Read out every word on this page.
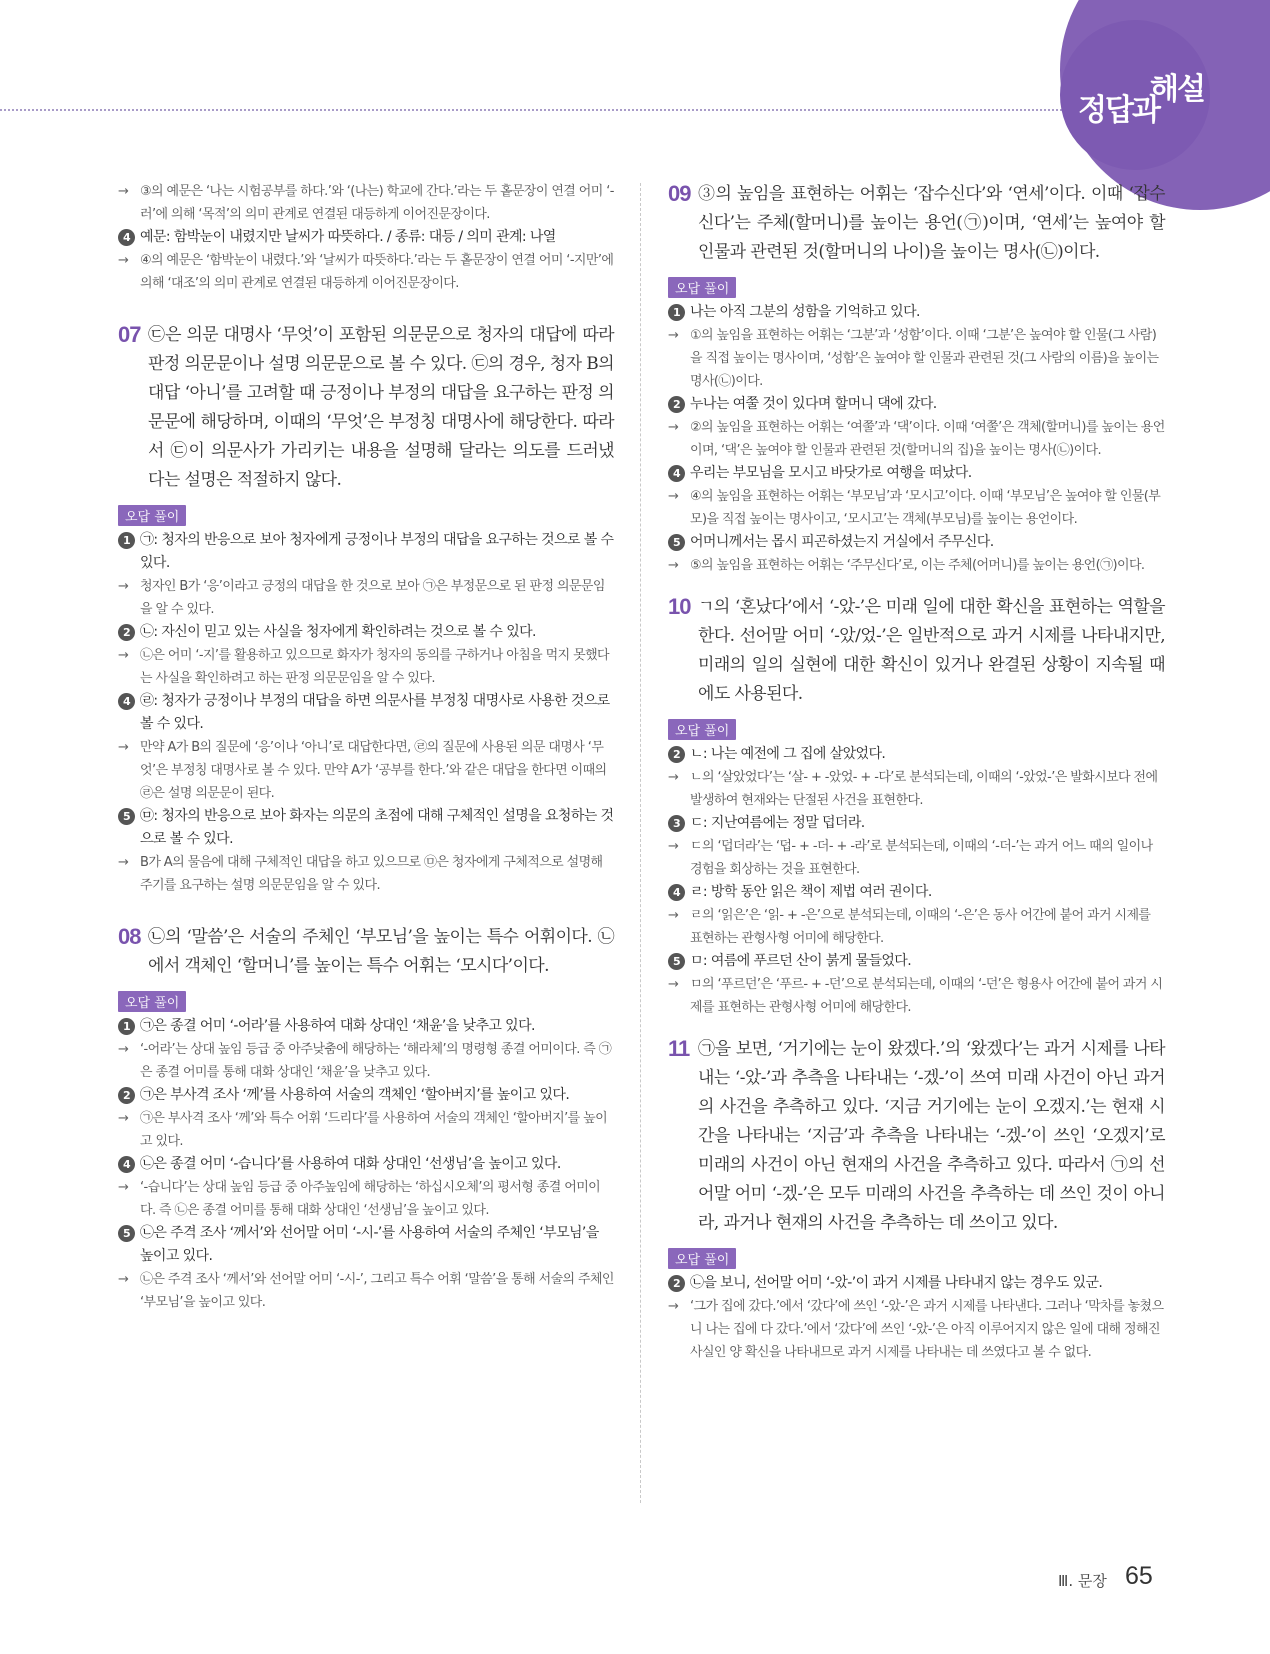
정답과
해설
→ ③의 예문은 ‘나는 시험공부를 하다.’와 ‘(나는) 학교에 간다.’라는 두 홑문장이 연결 어미 ‘-러’에 의해 ‘목적’의 의미 관계로 연결된 대등하게 이어진문장이다.
4 예문: 함박눈이 내렸지만 날씨가 따뜻하다. / 종류: 대등 / 의미 관계: 나열
→ ④의 예문은 ‘함박눈이 내렸다.’와 ‘날씨가 따뜻하다.’라는 두 홑문장이 연결 어미 ‘-지만’에 의해 ‘대조’의 의미 관계로 연결된 대등하게 이어진문장이다.
07 ㉢은 의문 대명사 ‘무엇’이 포함된 의문문으로 청자의 대답에 따라 판정 의문문이나 설명 의문문으로 볼 수 있다. ㉢의 경우, 청자 B의 대답 ‘아니’를 고려할 때 긍정이나 부정의 대답을 요구하는 판정 의문문에 해당하며, 이때의 ‘무엇’은 부정칭 대명사에 해당한다. 따라서 ㉢이 의문사가 가리키는 내용을 설명해 달라는 의도를 드러냈다는 설명은 적절하지 않다.
오답 풀이
1 ㉠: 청자의 반응으로 보아 청자에게 긍정이나 부정의 대답을 요구하는 것으로 볼 수 있다.
→ 청자인 B가 ‘응’이라고 긍정의 대답을 한 것으로 보아 ㉠은 부정문으로 된 판정 의문문임을 알 수 있다.
2 ㉡: 자신이 믿고 있는 사실을 청자에게 확인하려는 것으로 볼 수 있다.
→ ㉡은 어미 ‘-지’를 활용하고 있으므로 화자가 청자의 동의를 구하거나 아침을 먹지 못했다는 사실을 확인하려고 하는 판정 의문문임을 알 수 있다.
4 ㉣: 청자가 긍정이나 부정의 대답을 하면 의문사를 부정칭 대명사로 사용한 것으로 볼 수 있다.
→ 만약 A가 B의 질문에 ‘응’이나 ‘아니’로 대답한다면, ㉣의 질문에 사용된 의문 대명사 ‘무엇’은 부정칭 대명사로 볼 수 있다. 만약 A가 ‘공부를 한다.’와 같은 대답을 한다면 이때의 ㉣은 설명 의문문이 된다.
5 ㉤: 청자의 반응으로 보아 화자는 의문의 초점에 대해 구체적인 설명을 요청하는 것으로 볼 수 있다.
→ B가 A의 물음에 대해 구체적인 대답을 하고 있으므로 ㉤은 청자에게 구체적으로 설명해 주기를 요구하는 설명 의문문임을 알 수 있다.
08 ㉡의 ‘말씀’은 서술의 주체인 ‘부모님’을 높이는 특수 어휘이다. ㉡에서 객체인 ‘할머니’를 높이는 특수 어휘는 ‘모시다’이다.
오답 풀이
1 ㉠은 종결 어미 ‘-어라’를 사용하여 대화 상대인 ‘채윤’을 낮추고 있다.
→ ‘-어라’는 상대 높임 등급 중 아주낮춤에 해당하는 ‘해라체’의 명령형 종결 어미이다. 즉 ㉠은 종결 어미를 통해 대화 상대인 ‘채윤’을 낮추고 있다.
2 ㉠은 부사격 조사 ‘께’를 사용하여 서술의 객체인 ‘할아버지’를 높이고 있다.
→ ㉠은 부사격 조사 ‘께’와 특수 어휘 ‘드리다’를 사용하여 서술의 객체인 ‘할아버지’를 높이고 있다.
4 ㉡은 종결 어미 ‘-습니다’를 사용하여 대화 상대인 ‘선생님’을 높이고 있다.
→ ‘-습니다’는 상대 높임 등급 중 아주높임에 해당하는 ‘하십시오체’의 평서형 종결 어미이다. 즉 ㉡은 종결 어미를 통해 대화 상대인 ‘선생님’을 높이고 있다.
5 ㉡은 주격 조사 ‘께서’와 선어말 어미 ‘-시-’를 사용하여 서술의 주체인 ‘부모님’을 높이고 있다.
→ ㉡은 주격 조사 ‘께서’와 선어말 어미 ‘-시-’, 그리고 특수 어휘 ‘말씀’을 통해 서술의 주체인 ‘부모님’을 높이고 있다.
09 ③의 높임을 표현하는 어휘는 ‘잡수신다’와 ‘연세’이다. 이때 ‘잡수신다’는 주체(할머니)를 높이는 용언(㉠)이며, ‘연세’는 높여야 할 인물과 관련된 것(할머니의 나이)을 높이는 명사(㉡)이다.
오답 풀이
1 나는 아직 그분의 성함을 기억하고 있다.
→ ①의 높임을 표현하는 어휘는 ‘그분’과 ‘성함’이다. 이때 ‘그분’은 높여야 할 인물(그 사람)을 직접 높이는 명사이며, ‘성함’은 높여야 할 인물과 관련된 것(그 사람의 이름)을 높이는 명사(㉡)이다.
2 누나는 여쭐 것이 있다며 할머니 댁에 갔다.
→ ②의 높임을 표현하는 어휘는 ‘여쭐’과 ‘댁’이다. 이때 ‘여쭐’은 객체(할머니)를 높이는 용언이며, ‘댁’은 높여야 할 인물과 관련된 것(할머니의 집)을 높이는 명사(㉡)이다.
4 우리는 부모님을 모시고 바닷가로 여행을 떠났다.
→ ④의 높임을 표현하는 어휘는 ‘부모님’과 ‘모시고’이다. 이때 ‘부모님’은 높여야 할 인물(부모)을 직접 높이는 명사이고, ‘모시고’는 객체(부모님)를 높이는 용언이다.
5 어머니께서는 몹시 피곤하셨는지 거실에서 주무신다.
→ ⑤의 높임을 표현하는 어휘는 ‘주무신다’로, 이는 주체(어머니)를 높이는 용언(㉠)이다.
10 ㄱ의 ‘혼났다’에서 ‘-았-’은 미래 일에 대한 확신을 표현하는 역할을 한다. 선어말 어미 ‘-았/었-’은 일반적으로 과거 시제를 나타내지만, 미래의 일의 실현에 대한 확신이 있거나 완결된 상황이 지속될 때에도 사용된다.
오답 풀이
2 ㄴ: 나는 예전에 그 집에 살았었다.
→ ㄴ의 ‘살았었다’는 ‘살- + -았었- + -다’로 분석되는데, 이때의 ‘-았었-’은 발화시보다 전에 발생하여 현재와는 단절된 사건을 표현한다.
3 ㄷ: 지난여름에는 정말 덥더라.
→ ㄷ의 ‘덥더라’는 ‘덥- + -더- + -라’로 분석되는데, 이때의 ‘-더-’는 과거 어느 때의 일이나 경험을 회상하는 것을 표현한다.
4 ㄹ: 방학 동안 읽은 책이 제법 여러 권이다.
→ ㄹ의 ‘읽은’은 ‘읽- + -은’으로 분석되는데, 이때의 ‘-은’은 동사 어간에 붙어 과거 시제를 표현하는 관형사형 어미에 해당한다.
5 ㅁ: 여름에 푸르던 산이 붉게 물들었다.
→ ㅁ의 ‘푸르던’은 ‘푸르- + -던’으로 분석되는데, 이때의 ‘-던’은 형용사 어간에 붙어 과거 시제를 표현하는 관형사형 어미에 해당한다.
11 ㉠을 보면, ‘거기에는 눈이 왔겠다.’의 ‘왔겠다’는 과거 시제를 나타내는 ‘-았-’과 추측을 나타내는 ‘-겠-’이 쓰여 미래 사건이 아닌 과거의 사건을 추측하고 있다. ‘지금 거기에는 눈이 오겠지.’는 현재 시간을 나타내는 ‘지금’과 추측을 나타내는 ‘-겠-’이 쓰인 ‘오겠지’로 미래의 사건이 아닌 현재의 사건을 추측하고 있다. 따라서 ㉠의 선어말 어미 ‘-겠-’은 모두 미래의 사건을 추측하는 데 쓰인 것이 아니라, 과거나 현재의 사건을 추측하는 데 쓰이고 있다.
오답 풀이
2 ㉡을 보니, 선어말 어미 ‘-았-’이 과거 시제를 나타내지 않는 경우도 있군.
→ ‘그가 집에 갔다.’에서 ‘갔다’에 쓰인 ‘-았-’은 과거 시제를 나타낸다. 그러나 ‘막차를 놓쳤으니 나는 집에 다 갔다.’에서 ‘갔다’에 쓰인 ‘-았-’은 아직 이루어지지 않은 일에 대해 정해진 사실인 양 확신을 나타내므로 과거 시제를 나타내는 데 쓰였다고 볼 수 없다.
Ⅲ. 문장 65
